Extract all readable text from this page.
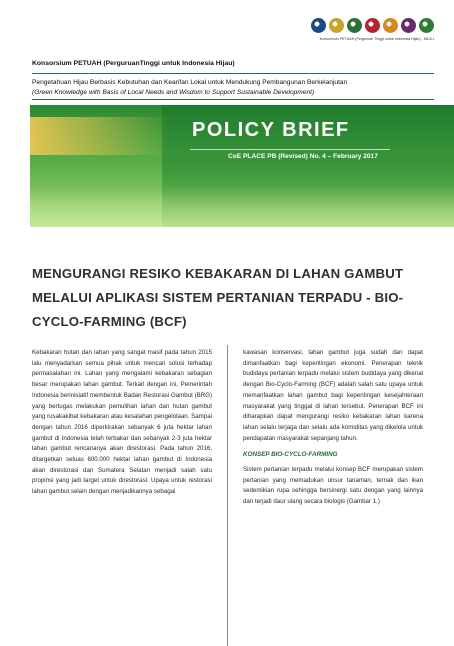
Konsorsium PETUAH (Perguruan Tinggi untuk Indonesia Hijau) - MCA-I
Konsorsium PETUAH (PerguruanTinggi untuk Indonesia Hijau)
Pengetahuan Hijau Berbasis Kebutuhan dan Kearifan Lokal untuk Mendukung Pembangunan Berkelanjutan
(Green Knowledge with Basis of Local Needs and Wisdom to Support Sustainable Development)
POLICY BRIEF
CoE PLACE PB (Revised) No. 4 – February 2017
MENGURANGI RESIKO KEBAKARAN DI LAHAN GAMBUT MELALUI APLIKASI SISTEM PERTANIAN TERPADU - BIO-CYCLO-FARMING (BCF)

Kebakaran hutan dan lahan yang sangat masif pada tahun 2015 lalu menyadarkan semua pihak untuk mencari solusi terhadap permasalahan ini. Lahan yang mengalami kebakaran sebagian besar merupakan lahan gambut. Terkait dengan ini, Pemerintah Indonesia berinisiatif membentuk Badan Restorasi Gambut (BRG) yang bertugas melakukan pemulihan lahan dan hutan gambut yang rusakakibat kebakaran atau kesalahan pengelolaan. Sampai dengan tahun 2016 diperkirakan sebanyak 6 juta hektar lahan gambut di Indonesia telah terbakar dan sebanyak 2-3 juta hektar lahan gambut rencananya akan direstorasi. Pada tahun 2016, ditargetkan seluas 600.000 hektar lahan gambut di Indonesia akan direstorasi dan Sumatera Selatan menjadi salah satu propinsi yang jadi target untuk direstorasi. Upaya untuk restorasi lahan gambut selain dengan menjadikannya sebagai

kawasan konservasi, lahan gambut juga sudah dan dapat dimanfaatkan bagi kepentingan ekonomi. Penerapan teknik budidaya pertanian terpadu melalui sistem budidaya yang dikenal dengan Bio-Cyclo-Farming (BCF) adalah salah satu upaya untuk memanfaatkan lahan gambut bagi kepentingan kesejahteraan masyarakat yang tinggal di lahan tersebut. Penerapan BCF ini diharapkan dapat mengurangi resiko kebakaran lahan karena lahan selalu terjaga dan selalu ada komiditas yang dikelola untuk pendapatan masyarakat sepanjang tahun.

KONSEP BIO-CYCLO-FARMING

Sistem pertanian terpadu melalui konsep BCF merupakan sistem pertanian yang memadukan unsur tanaman, ternak dan ikan sedemikian rupa sehingga bersinergi satu dengan yang lainnya dan terjadi daur ulang secara biologis (Gambar 1.)
